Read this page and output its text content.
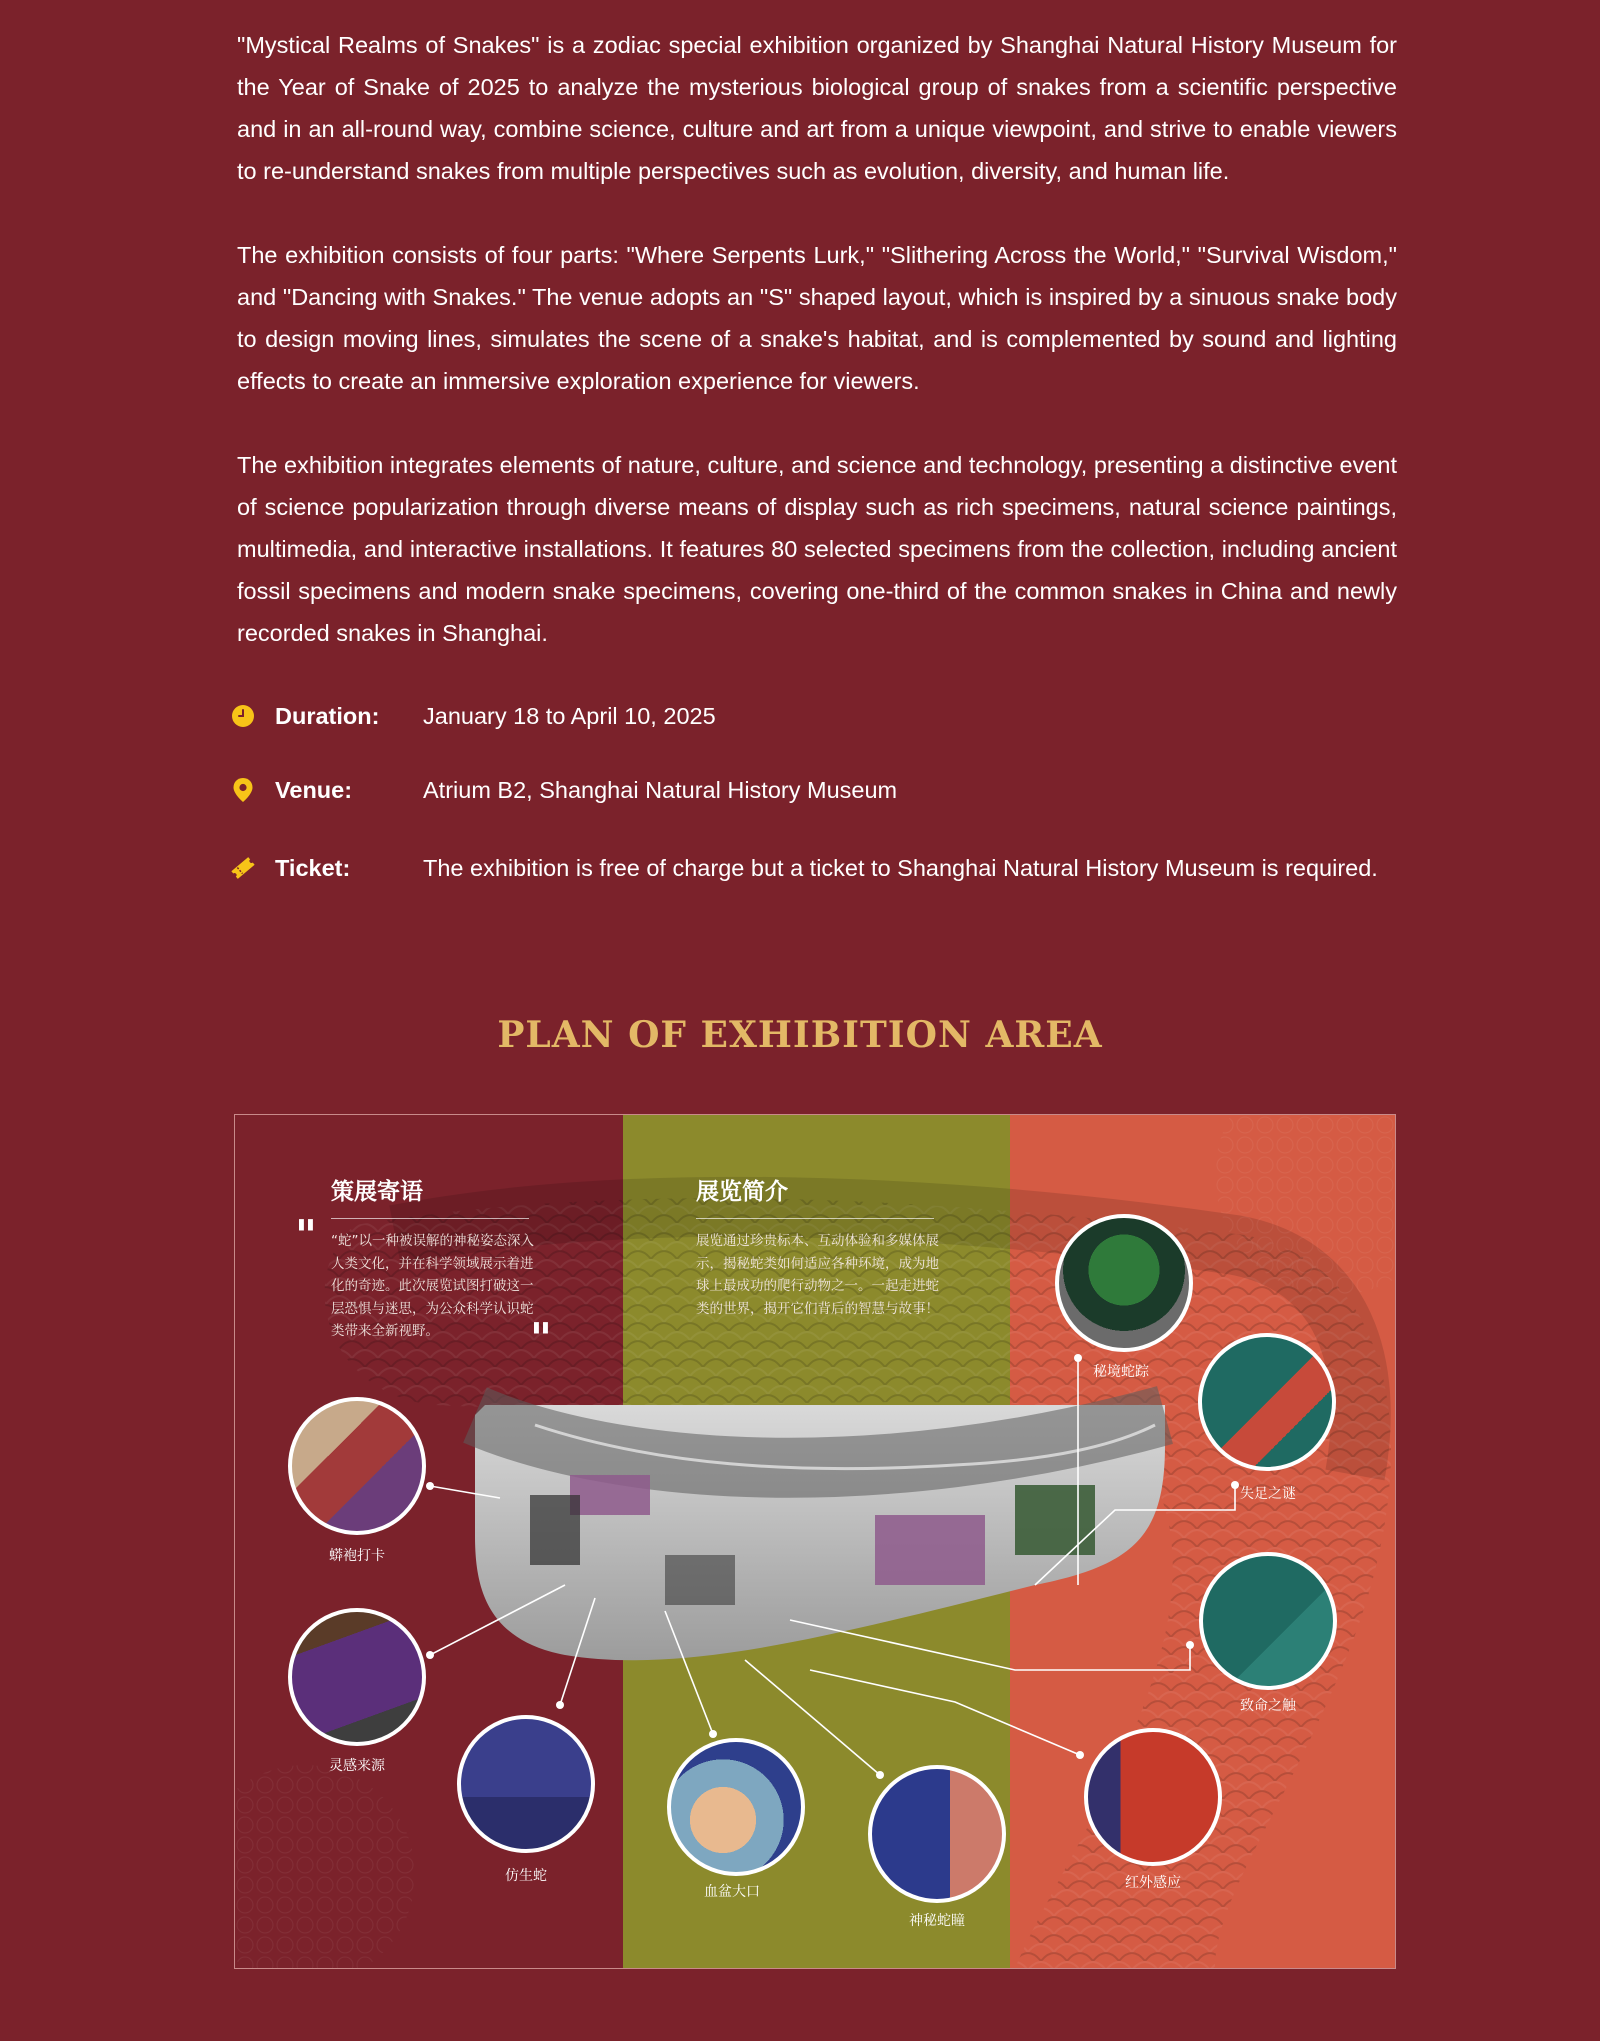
"Mystical Realms of Snakes" is a zodiac special exhibition organized by Shanghai Natural History Museum for the Year of Snake of 2025 to analyze the mysterious biological group of snakes from a scientific perspective and in an all-round way, combine science, culture and art from a unique viewpoint, and strive to enable viewers to re-understand snakes from multiple perspectives such as evolution, diversity, and human life.

The exhibition consists of four parts: "Where Serpents Lurk," "Slithering Across the World," "Survival Wisdom," and "Dancing with Snakes." The venue adopts an "S" shaped layout, which is inspired by a sinuous snake body to design moving lines, simulates the scene of a snake's habitat, and is complemented by sound and lighting effects to create an immersive exploration experience for viewers.

The exhibition integrates elements of nature, culture, and science and technology, presenting a distinctive event of science popularization through diverse means of display such as rich specimens, natural science paintings, multimedia, and interactive installations. It features 80 selected specimens from the collection, including ancient fossil specimens and modern snake specimens, covering one-third of the common snakes in China and newly recorded snakes in Shanghai.

Duration: January 18 to April 10, 2025
Venue:	Atrium B2, Shanghai Natural History Museum
Ticket:	The exhibition is free of charge but a ticket to Shanghai Natural History Museum is required.
PLAN OF EXHIBITION AREA
"
"
策展寄语
“蛇”以一种被误解的神秘姿态深入人类文化，并在科学领域展示着进化的奇迹。此次展览试图打破这一层恐惧与迷思，为公众科学认识蛇类带来全新视野。
展览简介
展览通过珍贵标本、互动体验和多媒体展示，揭秘蛇类如何适应各种环境，成为地球上最成功的爬行动物之一。一起走进蛇类的世界，揭开它们背后的智慧与故事！
蟒袍打卡
灵感来源
仿生蛇
血盆大口
神秘蛇瞳
红外感应
致命之触
失足之谜
秘境蛇踪
